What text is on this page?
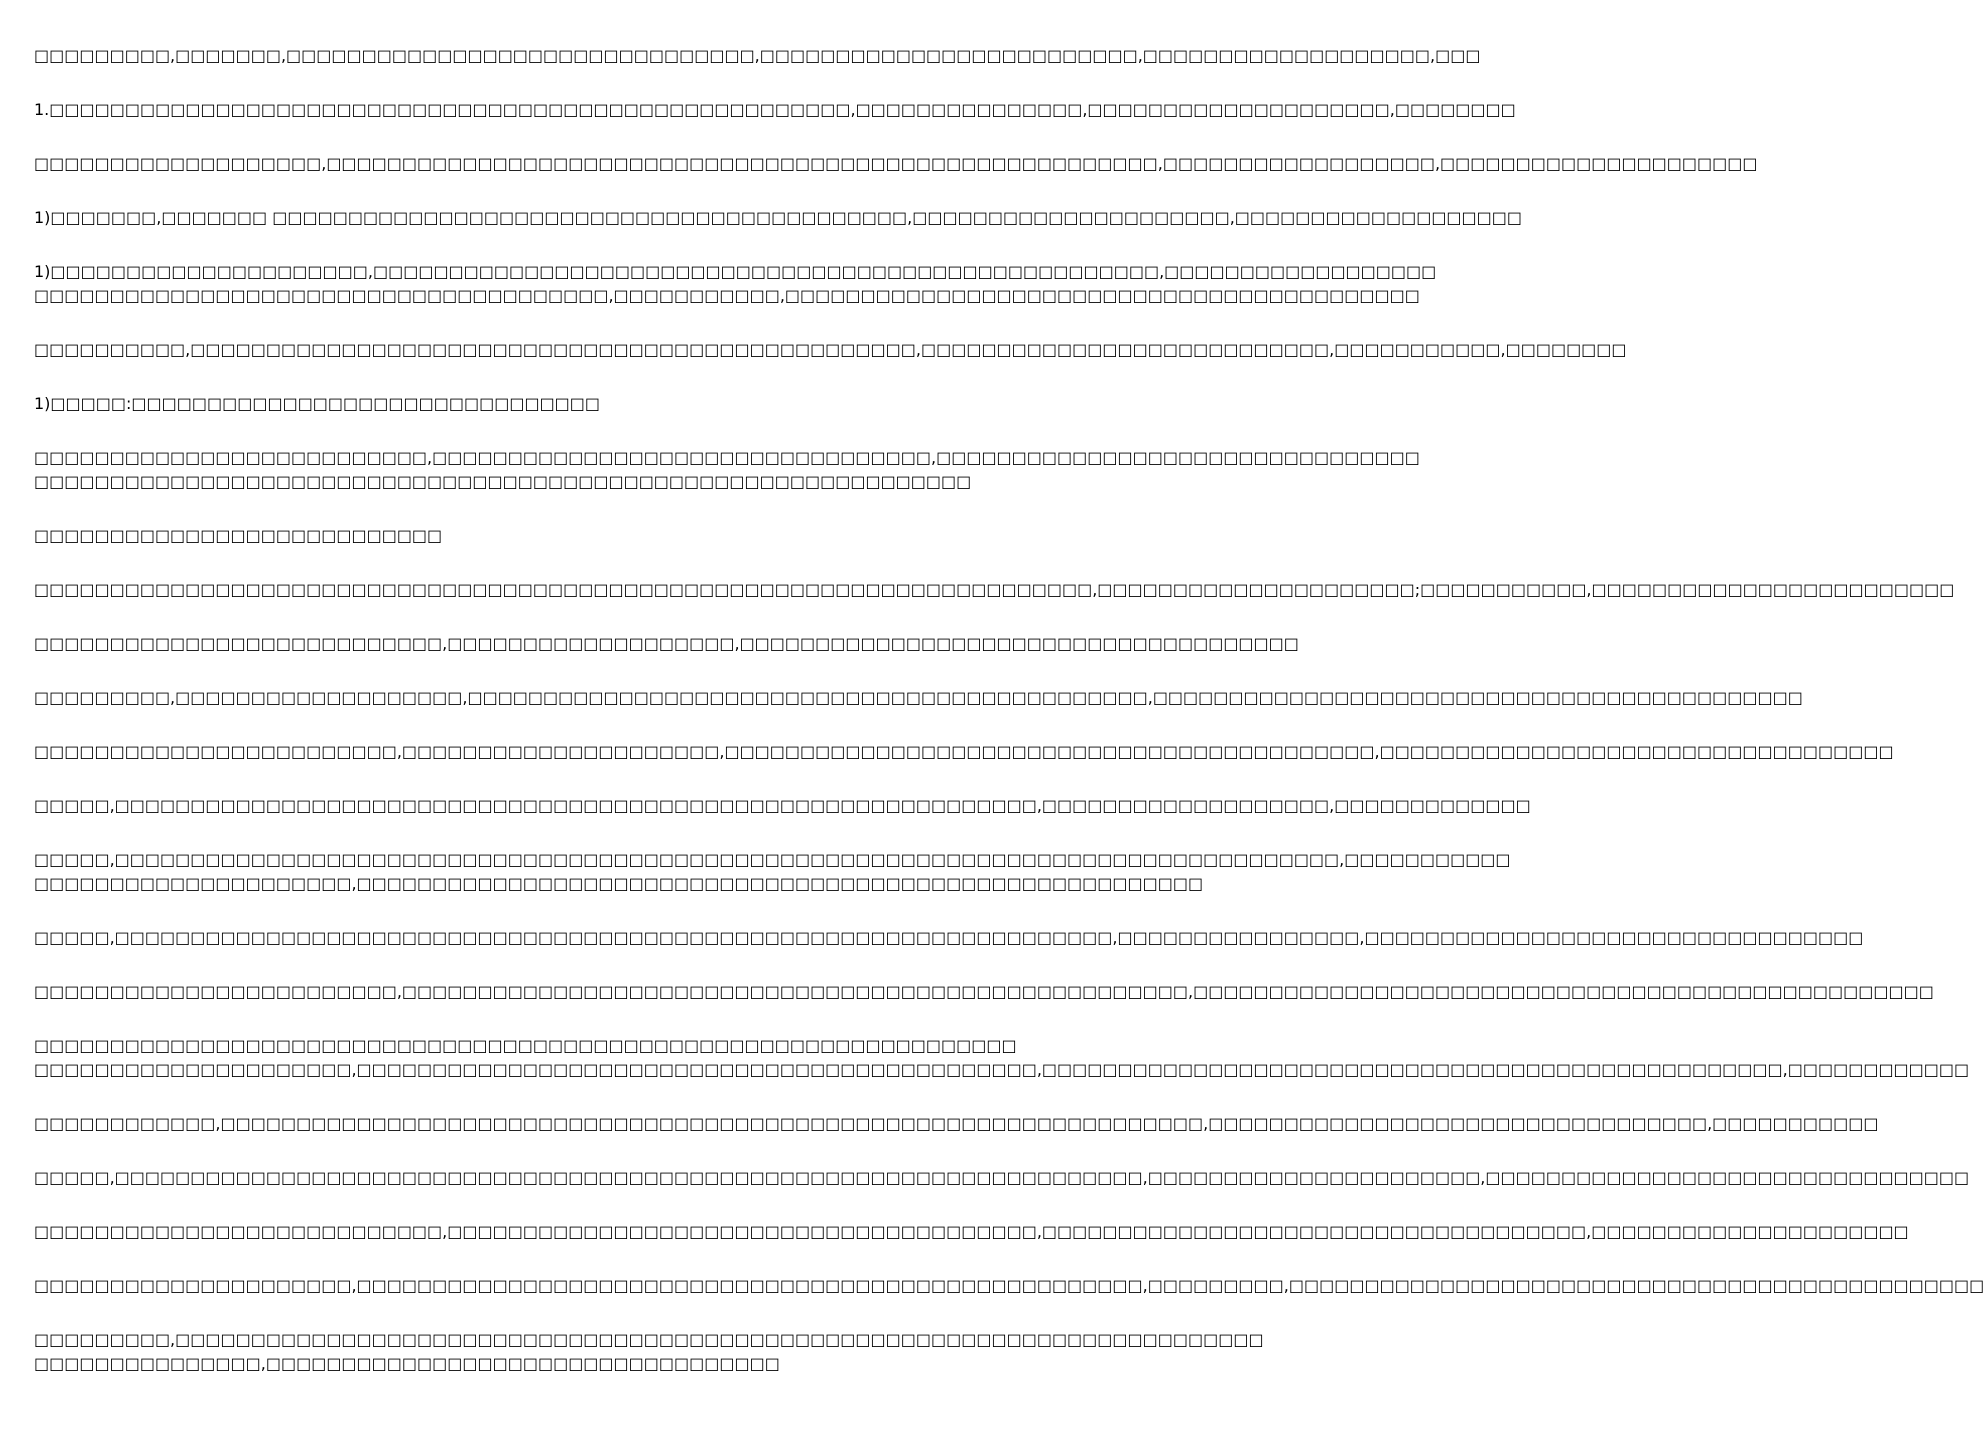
□□□□□□□□□,□□□□□□□,□□□□□□□□□□□□□□□□□□□□□□□□□□□□□□□,□□□□□□□□□□□□□□□□□□□□□□□□□,□□□□□□□□□□□□□□□□□□□,□□□
1.□□□□□□□□□□□□□□□□□□□□□□□□□□□□□□□□□□□□□□□□□□□□□□□□□□□□□,□□□□□□□□□□□□□□□,□□□□□□□□□□□□□□□□□□□□,□□□□□□□□
□□□□□□□□□□□□□□□□□□□,□□□□□□□□□□□□□□□□□□□□□□□□□□□□□□□□□□□□□□□□□□□□□□□□□□□□□□□,□□□□□□□□□□□□□□□□□□,□□□□□□□□□□□□□□□□□□□□□
1)□□□□□□□,□□□□□□□ □□□□□□□□□□□□□□□□□□□□□□□□□□□□□□□□□□□□□□□□□□,□□□□□□□□□□□□□□□□□□□□□,□□□□□□□□□□□□□□□□□□□
1)□□□□□□□□□□□□□□□□□□□□□,□□□□□□□□□□□□□□□□□□□□□□□□□□□□□□□□□□□□□□□□□□□□□□□□□□□□,□□□□□□□□□□□□□□□□□□
□□□□□□□□□□□□□□□□□□□□□□□□□□□□□□□□□□□□□□,□□□□□□□□□□□,□□□□□□□□□□□□□□□□□□□□□□□□□□□□□□□□□□□□□□□□□□
□□□□□□□□□□,□□□□□□□□□□□□□□□□□□□□□□□□□□□□□□□□□□□□□□□□□□□□□□□□,□□□□□□□□□□□□□□□□□□□□□□□□□□□,□□□□□□□□□□□,□□□□□□□□
1)□□□□□:□□□□□□□□□□□□□□□□□□□□□□□□□□□□□□□
□□□□□□□□□□□□□□□□□□□□□□□□□□,□□□□□□□□□□□□□□□□□□□□□□□□□□□□□□□□□,□□□□□□□□□□□□□□□□□□□□□□□□□□□□□□□□
□□□□□□□□□□□□□□□□□□□□□□□□□□□□□□□□□□□□□□□□□□□□□□□□□□□□□□□□□□□□□□
□□□□□□□□□□□□□□□□□□□□□□□□□□□
□□□□□□□□□□□□□□□□□□□□□□□□□□□□□□□□□□□□□□□□□□□□□□□□□□□□□□□□□□□□□□□□□□□□□□,□□□□□□□□□□□□□□□□□□□□□;□□□□□□□□□□□,□□□□□□□□□□□□□□□□□□□□□□□□
□□□□□□□□□□□□□□□□□□□□□□□□□□□,□□□□□□□□□□□□□□□□□□□,□□□□□□□□□□□□□□□□□□□□□□□□□□□□□□□□□□□□□
□□□□□□□□□,□□□□□□□□□□□□□□□□□□□,□□□□□□□□□□□□□□□□□□□□□□□□□□□□□□□□□□□□□□□□□□□□□,□□□□□□□□□□□□□□□□□□□□□□□□□□□□□□□□□□□□□□□□□□□
□□□□□□□□□□□□□□□□□□□□□□□□,□□□□□□□□□□□□□□□□□□□□□,□□□□□□□□□□□□□□□□□□□□□□□□□□□□□□□□□□□□□□□□□□□,□□□□□□□□□□□□□□□□□□□□□□□□□□□□□□□□□□
□□□□□,□□□□□□□□□□□□□□□□□□□□□□□□□□□□□□□□□□□□□□□□□□□□□□□□□□□□□□□□□□□□□,□□□□□□□□□□□□□□□□□□□,□□□□□□□□□□□□□
□□□□□,□□□□□□□□□□□□□□□□□□□□□□□□□□□□□□□□□□□□□□□□□□□□□□□□□□□□□□□□□□□□□□□□□□□□□□□□□□□□□□□□□,□□□□□□□□□□□
□□□□□□□□□□□□□□□□□□□□□,□□□□□□□□□□□□□□□□□□□□□□□□□□□□□□□□□□□□□□□□□□□□□□□□□□□□□□□□
□□□□□,□□□□□□□□□□□□□□□□□□□□□□□□□□□□□□□□□□□□□□□□□□□□□□□□□□□□□□□□□□□□□□□□□□,□□□□□□□□□□□□□□□□,□□□□□□□□□□□□□□□□□□□□□□□□□□□□□□□□□
□□□□□□□□□□□□□□□□□□□□□□□□,□□□□□□□□□□□□□□□□□□□□□□□□□□□□□□□□□□□□□□□□□□□□□□□□□□□□,□□□□□□□□□□□□□□□□□□□□□□□□□□□□□□□□□□□□□□□□□□□□□□□□□
□□□□□□□□□□□□□□□□□□□□□□□□□□□□□□□□□□□□□□□□□□□□□□□□□□□□□□□□□□□□□□□□□
□□□□□□□□□□□□□□□□□□□□□,□□□□□□□□□□□□□□□□□□□□□□□□□□□□□□□□□□□□□□□□□□□□□,□□□□□□□□□□□□□□□□□□□□□□□□□□□□□□□□□□□□□□□□□□□□□□□□□,□□□□□□□□□□□□
□□□□□□□□□□□□,□□□□□□□□□□□□□□□□□□□□□□□□□□□□□□□□□□□□□□□□□□□□□□□□□□□□□□□□□□□□□□□□□,□□□□□□□□□□□□□□□□□□□□□□□□□□□□□□□□□,□□□□□□□□□□□
□□□□□,□□□□□□□□□□□□□□□□□□□□□□□□□□□□□□□□□□□□□□□□□□□□□□□□□□□□□□□□□□□□□□□□□□□□,□□□□□□□□□□□□□□□□□□□□□□,□□□□□□□□□□□□□□□□□□□□□□□□□□□□□□□□
□□□□□□□□□□□□□□□□□□□□□□□□□□□,□□□□□□□□□□□□□□□□□□□□□□□□□□□□□□□□□□□□□□□,□□□□□□□□□□□□□□□□□□□□□□□□□□□□□□□□□□□□,□□□□□□□□□□□□□□□□□□□□□
□□□□□□□□□□□□□□□□□□□□□,□□□□□□□□□□□□□□□□□□□□□□□□□□□□□□□□□□□□□□□□□□□□□□□□□□□□,□□□□□□□□□,□□□□□□□□□□□□□□□□□□□□□□□□□□□□□□□□□□□□□□□□□□□□□□
□□□□□□□□□,□□□□□□□□□□□□□□□□□□□□□□□□□□□□□□□□□□□□□□□□□□□□□□□□□□□□□□□□□□□□□□□□□□□□□□□□
□□□□□□□□□□□□□□□,□□□□□□□□□□□□□□□□□□□□□□□□□□□□□□□□□□
